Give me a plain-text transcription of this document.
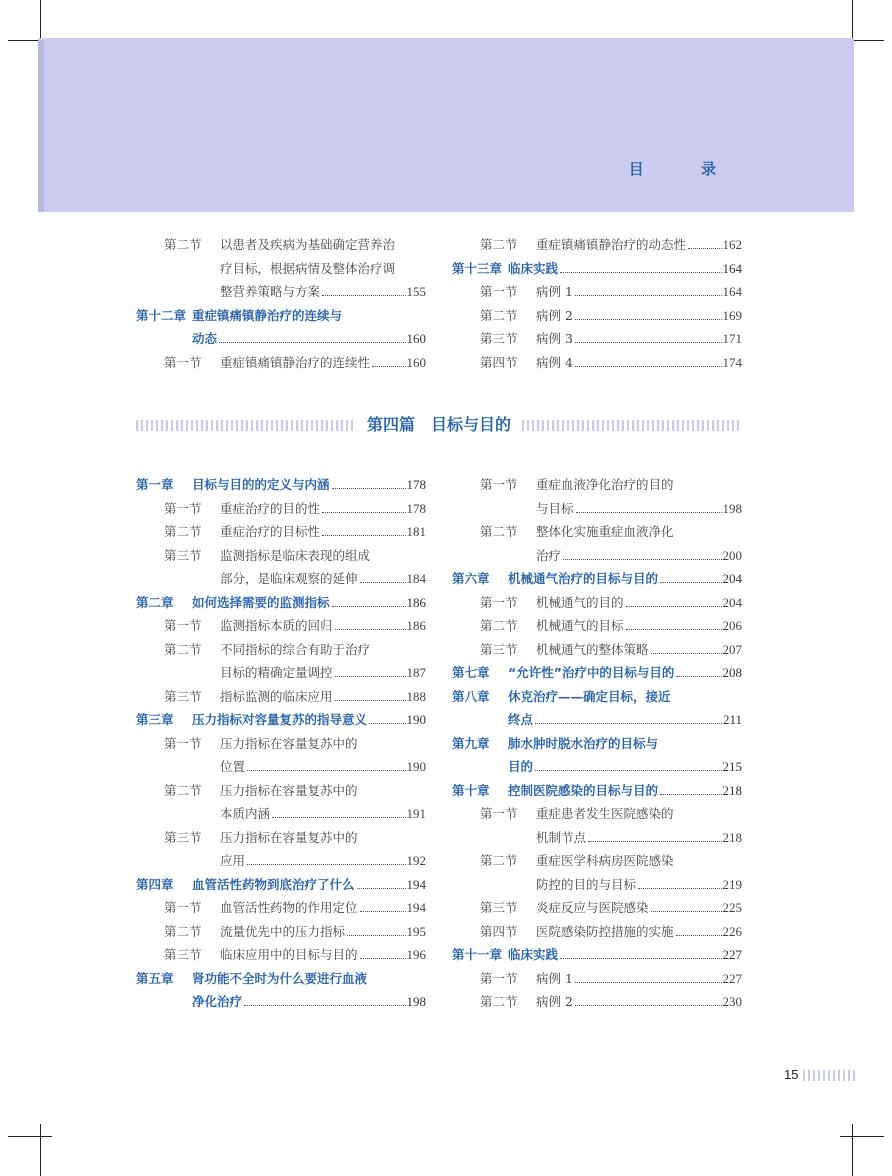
目 录
第二节	以患者及疾病为基础确定营养治
疗目标，根据病情及整体治疗调
整营养策略与方案	155
第十二章 重症镇痛镇静治疗的连续与
动态	160
第一节	重症镇痛镇静治疗的连续性	160
第二节	重症镇痛镇静治疗的动态性	162
第十三章 临床实践	164
第一节	病例 1	164
第二节	病例 2	169
第三节	病例 3	171
第四节	病例 4	174
第四篇　目标与目的
第一章	目标与目的的定义与内涵	178
第一节	重症治疗的目的性	178
第二节	重症治疗的目标性	181
第三节	监测指标是临床表现的组成
部分，是临床观察的延伸	184
第二章	如何选择需要的监测指标	186
第一节	监测指标本质的回归	186
第二节	不同指标的综合有助于治疗
目标的精确定量调控	187
第三节	指标监测的临床应用	188
第三章	压力指标对容量复苏的指导意义	190
第一节	压力指标在容量复苏中的
位置	190
第二节	压力指标在容量复苏中的
本质内涵	191
第三节	压力指标在容量复苏中的
应用	192
第四章	血管活性药物到底治疗了什么	194
第一节	血管活性药物的作用定位	194
第二节	流量优先中的压力指标	195
第三节	临床应用中的目标与目的	196
第五章	肾功能不全时为什么要进行血液
净化治疗	198
第一节	重症血液净化治疗的目的
与目标	198
第二节	整体化实施重症血液净化
治疗	200
第六章	机械通气治疗的目标与目的	204
第一节	机械通气的目的	204
第二节	机械通气的目标	206
第三节	机械通气的整体策略	207
第七章	“允许性”治疗中的目标与目的	208
第八章	休克治疗——确定目标，接近
终点	211
第九章	肺水肿时脱水治疗的目标与
目的	215
第十章	控制医院感染的目标与目的	218
第一节	重症患者发生医院感染的
机制节点	218
第二节	重症医学科病房医院感染
防控的目的与目标	219
第三节	炎症反应与医院感染	225
第四节	医院感染防控措施的实施	226
第十一章 临床实践	227
第一节	病例 1	227
第二节	病例 2	230
15
